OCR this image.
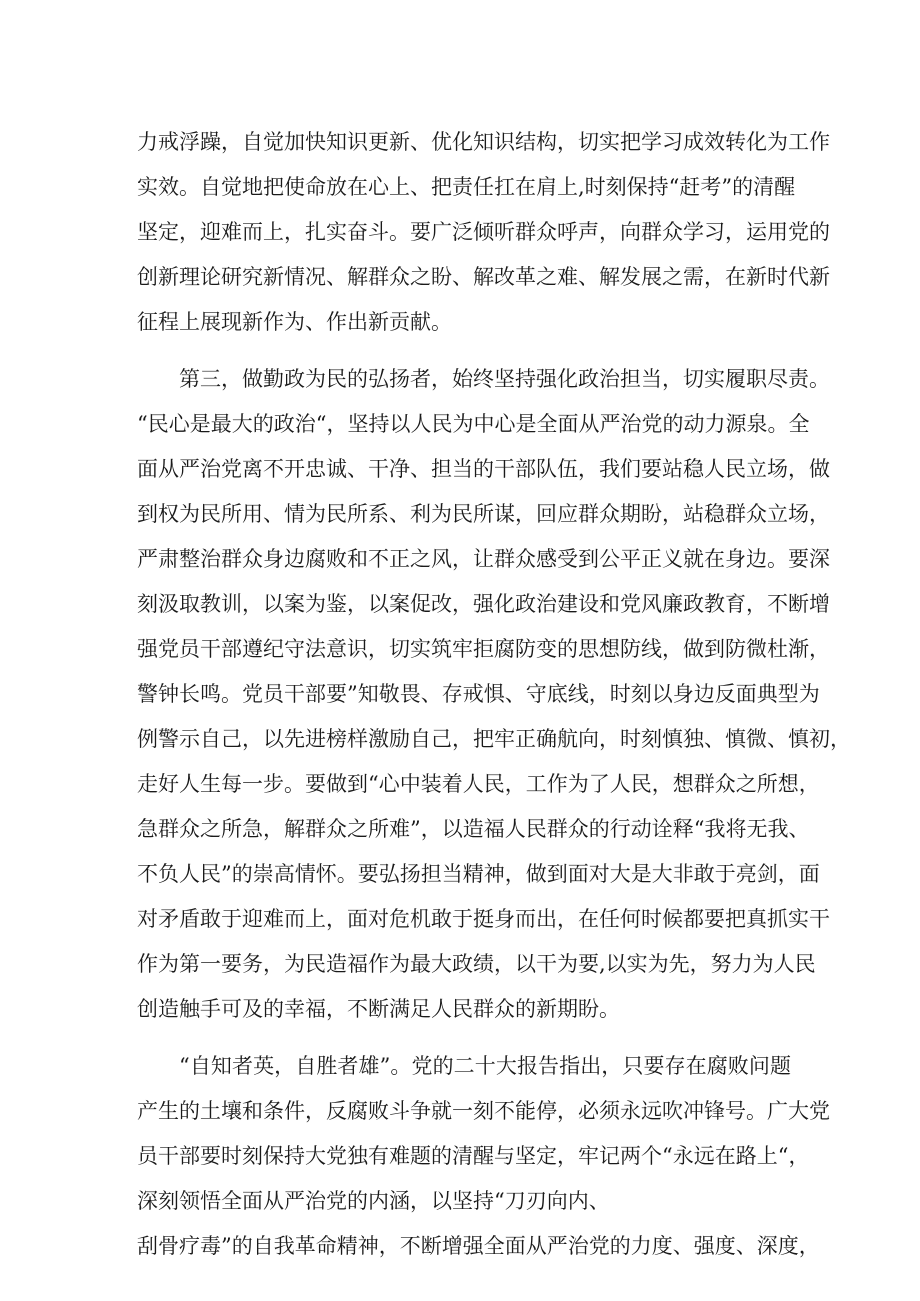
力戒浮躁，自觉加快知识更新、优化知识结构，切实把学习成效转化为工作
实效。自觉地把使命放在心上、把责任扛在肩上,时刻保持“赶考”的清醒
坚定，迎难而上，扎实奋斗。要广泛倾听群众呼声，向群众学习，运用党的
创新理论研究新情况、解群众之盼、解改革之难、解发展之需，在新时代新
征程上展现新作为、作出新贡献。
第三，做勤政为民的弘扬者，始终坚持强化政治担当，切实履职尽责。
“民心是最大的政治“，坚持以人民为中心是全面从严治党的动力源泉。全
面从严治党离不开忠诚、干净、担当的干部队伍，我们要站稳人民立场，做
到权为民所用、情为民所系、利为民所谋，回应群众期盼，站稳群众立场，
严肃整治群众身边腐败和不正之风，让群众感受到公平正义就在身边。要深
刻汲取教训，以案为鉴，以案促改，强化政治建设和党风廉政教育，不断增
强党员干部遵纪守法意识，切实筑牢拒腐防变的思想防线，做到防微杜渐，
警钟长鸣。党员干部要”知敬畏、存戒惧、守底线，时刻以身边反面典型为
例警示自己，以先进榜样激励自己，把牢正确航向，时刻慎独、慎微、慎初，
走好人生每一步。要做到“心中装着人民，工作为了人民，想群众之所想，
急群众之所急，解群众之所难”，以造福人民群众的行动诠释“我将无我、
不负人民”的崇高情怀。要弘扬担当精神，做到面对大是大非敢于亮剑，面
对矛盾敢于迎难而上，面对危机敢于挺身而出，在任何时候都要把真抓实干
作为第一要务，为民造福作为最大政绩，以干为要,以实为先，努力为人民
创造触手可及的幸福，不断满足人民群众的新期盼。
“自知者英，自胜者雄”。党的二十大报告指出，只要存在腐败问题
产生的土壤和条件，反腐败斗争就一刻不能停，必须永远吹冲锋号。广大党
员干部要时刻保持大党独有难题的清醒与坚定，牢记两个“永远在路上“，
深刻领悟全面从严治党的内涵，以坚持“刀刃向内、
刮骨疗毒”的自我革命精神，不断增强全面从严治党的力度、强度、深度，
